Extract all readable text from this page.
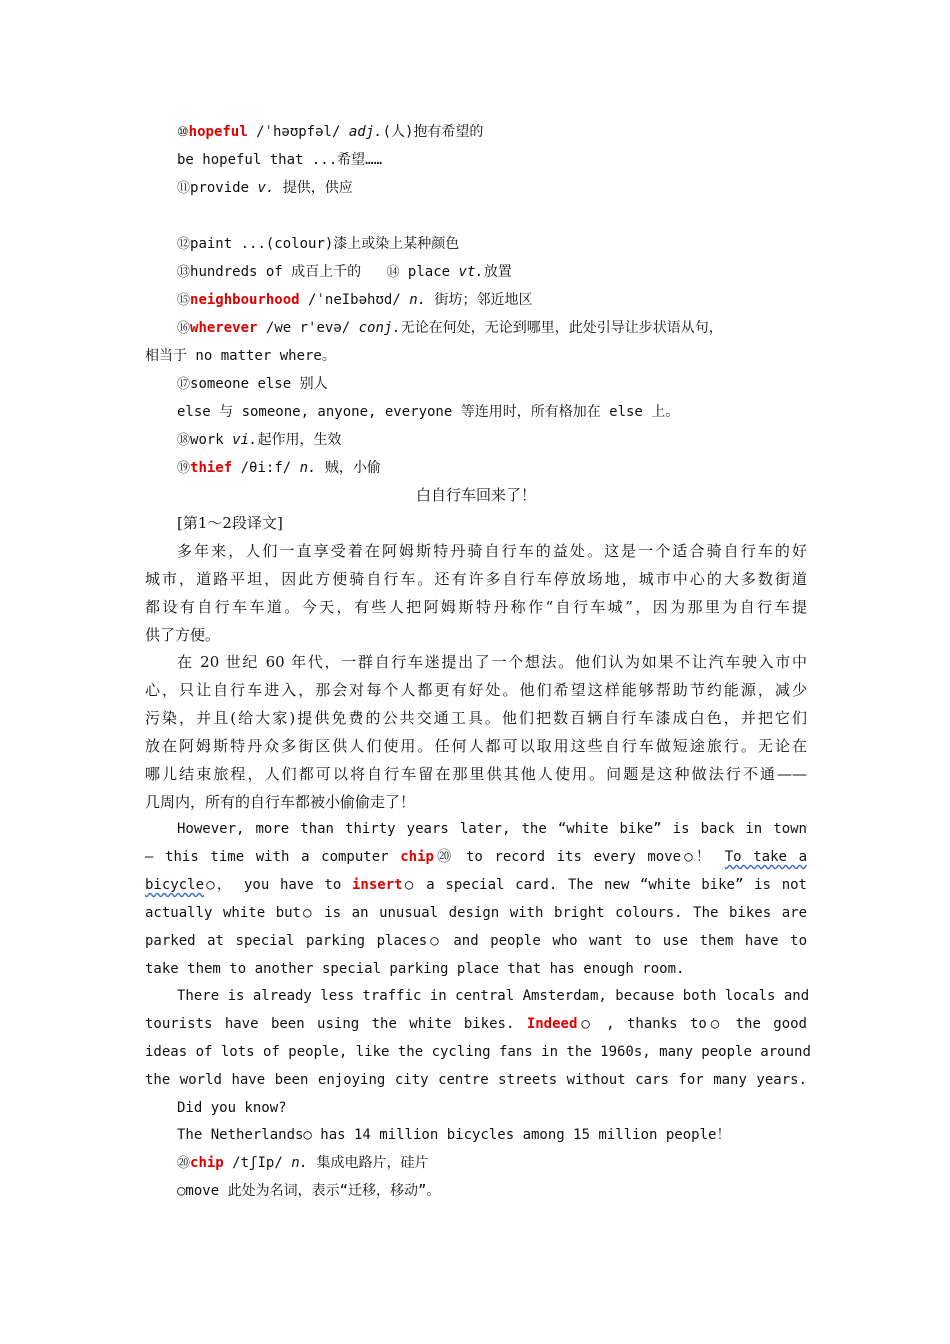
⑩hopeful /ˈhəʊpfəl/ adj.(人)抱有希望的
be hopeful that ...希望……
⑪provide v. 提供，供应
⑫paint ...(colour)漆上或染上某种颜色
⑬hundreds of 成百上千的 ⑭ place vt.放置
⑮neighbourhood /ˈneIbəhʊd/ n. 街坊；邻近地区
⑯wherever /we r'evə/ conj.无论在何处，无论到哪里，此处引导让步状语从句，
相当于 no matter where。
⑰someone else 别人
else 与 someone, anyone, everyone 等连用时，所有格加在 else 上。
⑱work vi.起作用，生效
⑲thief /θi:f/ n. 贼，小偷
白自行车回来了！
[第1～2段译文]
多年来，人们一直享受着在阿姆斯特丹骑自行车的益处。这是一个适合骑自行车的好
城市，道路平坦，因此方便骑自行车。还有许多自行车停放场地，城市中心的大多数街道
都设有自行车车道。今天，有些人把阿姆斯特丹称作“自行车城”，因为那里为自行车提
供了方便。
在 20 世纪 60 年代，一群自行车迷提出了一个想法。他们认为如果不让汽车驶入市中
心，只让自行车进入，那会对每个人都更有好处。他们希望这样能够帮助节约能源，减少
污染，并且(给大家)提供免费的公共交通工具。他们把数百辆自行车漆成白色，并把它们
放在阿姆斯特丹众多街区供人们使用。任何人都可以取用这些自行车做短途旅行。无论在
哪儿结束旅程，人们都可以将自行车留在那里供其他人使用。问题是这种做法行不通——
几周内，所有的自行车都被小偷偷走了！
However, more than thirty years later, the “white bike” is back in town
— this time with a computer chip⑳ to record its every move○！ To take a
bicycle○， you have to insert○ a special card. The new “white bike” is not
actually white but○ is an unusual design with bright colours. The bikes are
parked at special parking places○ and people who want to use them have to
take them to another special parking place that has enough room.
There is already less traffic in central Amsterdam, because both locals and
tourists have been using the white bikes. Indeed○ , thanks to○ the good
ideas of lots of people, like the cycling fans in the 1960s, many people around
the world have been enjoying city centre streets without cars for many years.
Did you know?
The Netherlands○ has 14 million bicycles among 15 million people！
⑳chip /tʃIp/ n. 集成电路片，硅片
○move 此处为名词，表示“迁移，移动”。
